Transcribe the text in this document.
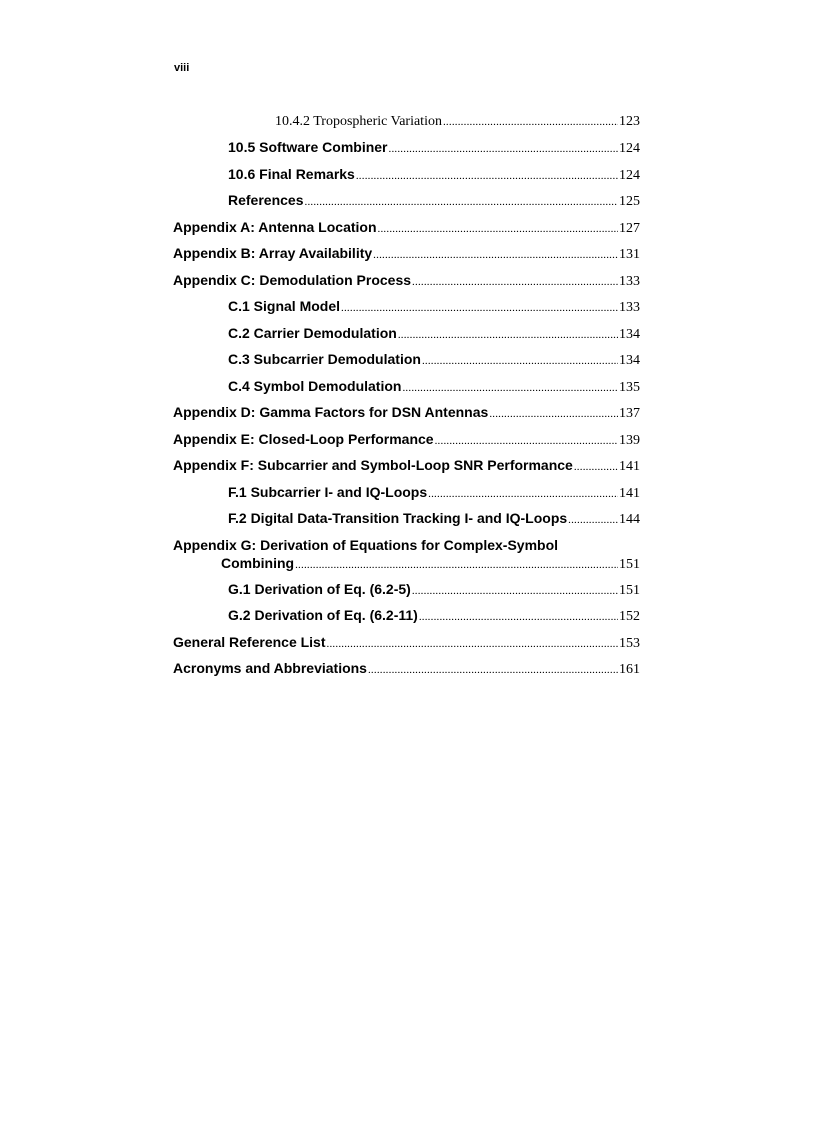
viii
10.4.2 Tropospheric Variation .....	123
10.5 Software Combiner .....	124
10.6 Final Remarks .....	124
References .....	125
Appendix A: Antenna Location .....	127
Appendix B: Array Availability .....	131
Appendix C: Demodulation Process .....	133
C.1 Signal Model .....	133
C.2 Carrier Demodulation .....	134
C.3 Subcarrier Demodulation .....	134
C.4 Symbol Demodulation .....	135
Appendix D: Gamma Factors for DSN Antennas .....	137
Appendix E: Closed-Loop Performance .....	139
Appendix F: Subcarrier and Symbol-Loop SNR Performance .....	141
F.1 Subcarrier I- and IQ-Loops .....	141
F.2 Digital Data-Transition Tracking I- and IQ-Loops .....	144
Appendix G: Derivation of Equations for Complex-Symbol
Combining .....	151
G.1 Derivation of Eq. (6.2-5) .....	151
G.2 Derivation of Eq. (6.2-11) .....	152
General Reference List .....	153
Acronyms and Abbreviations .....	161
